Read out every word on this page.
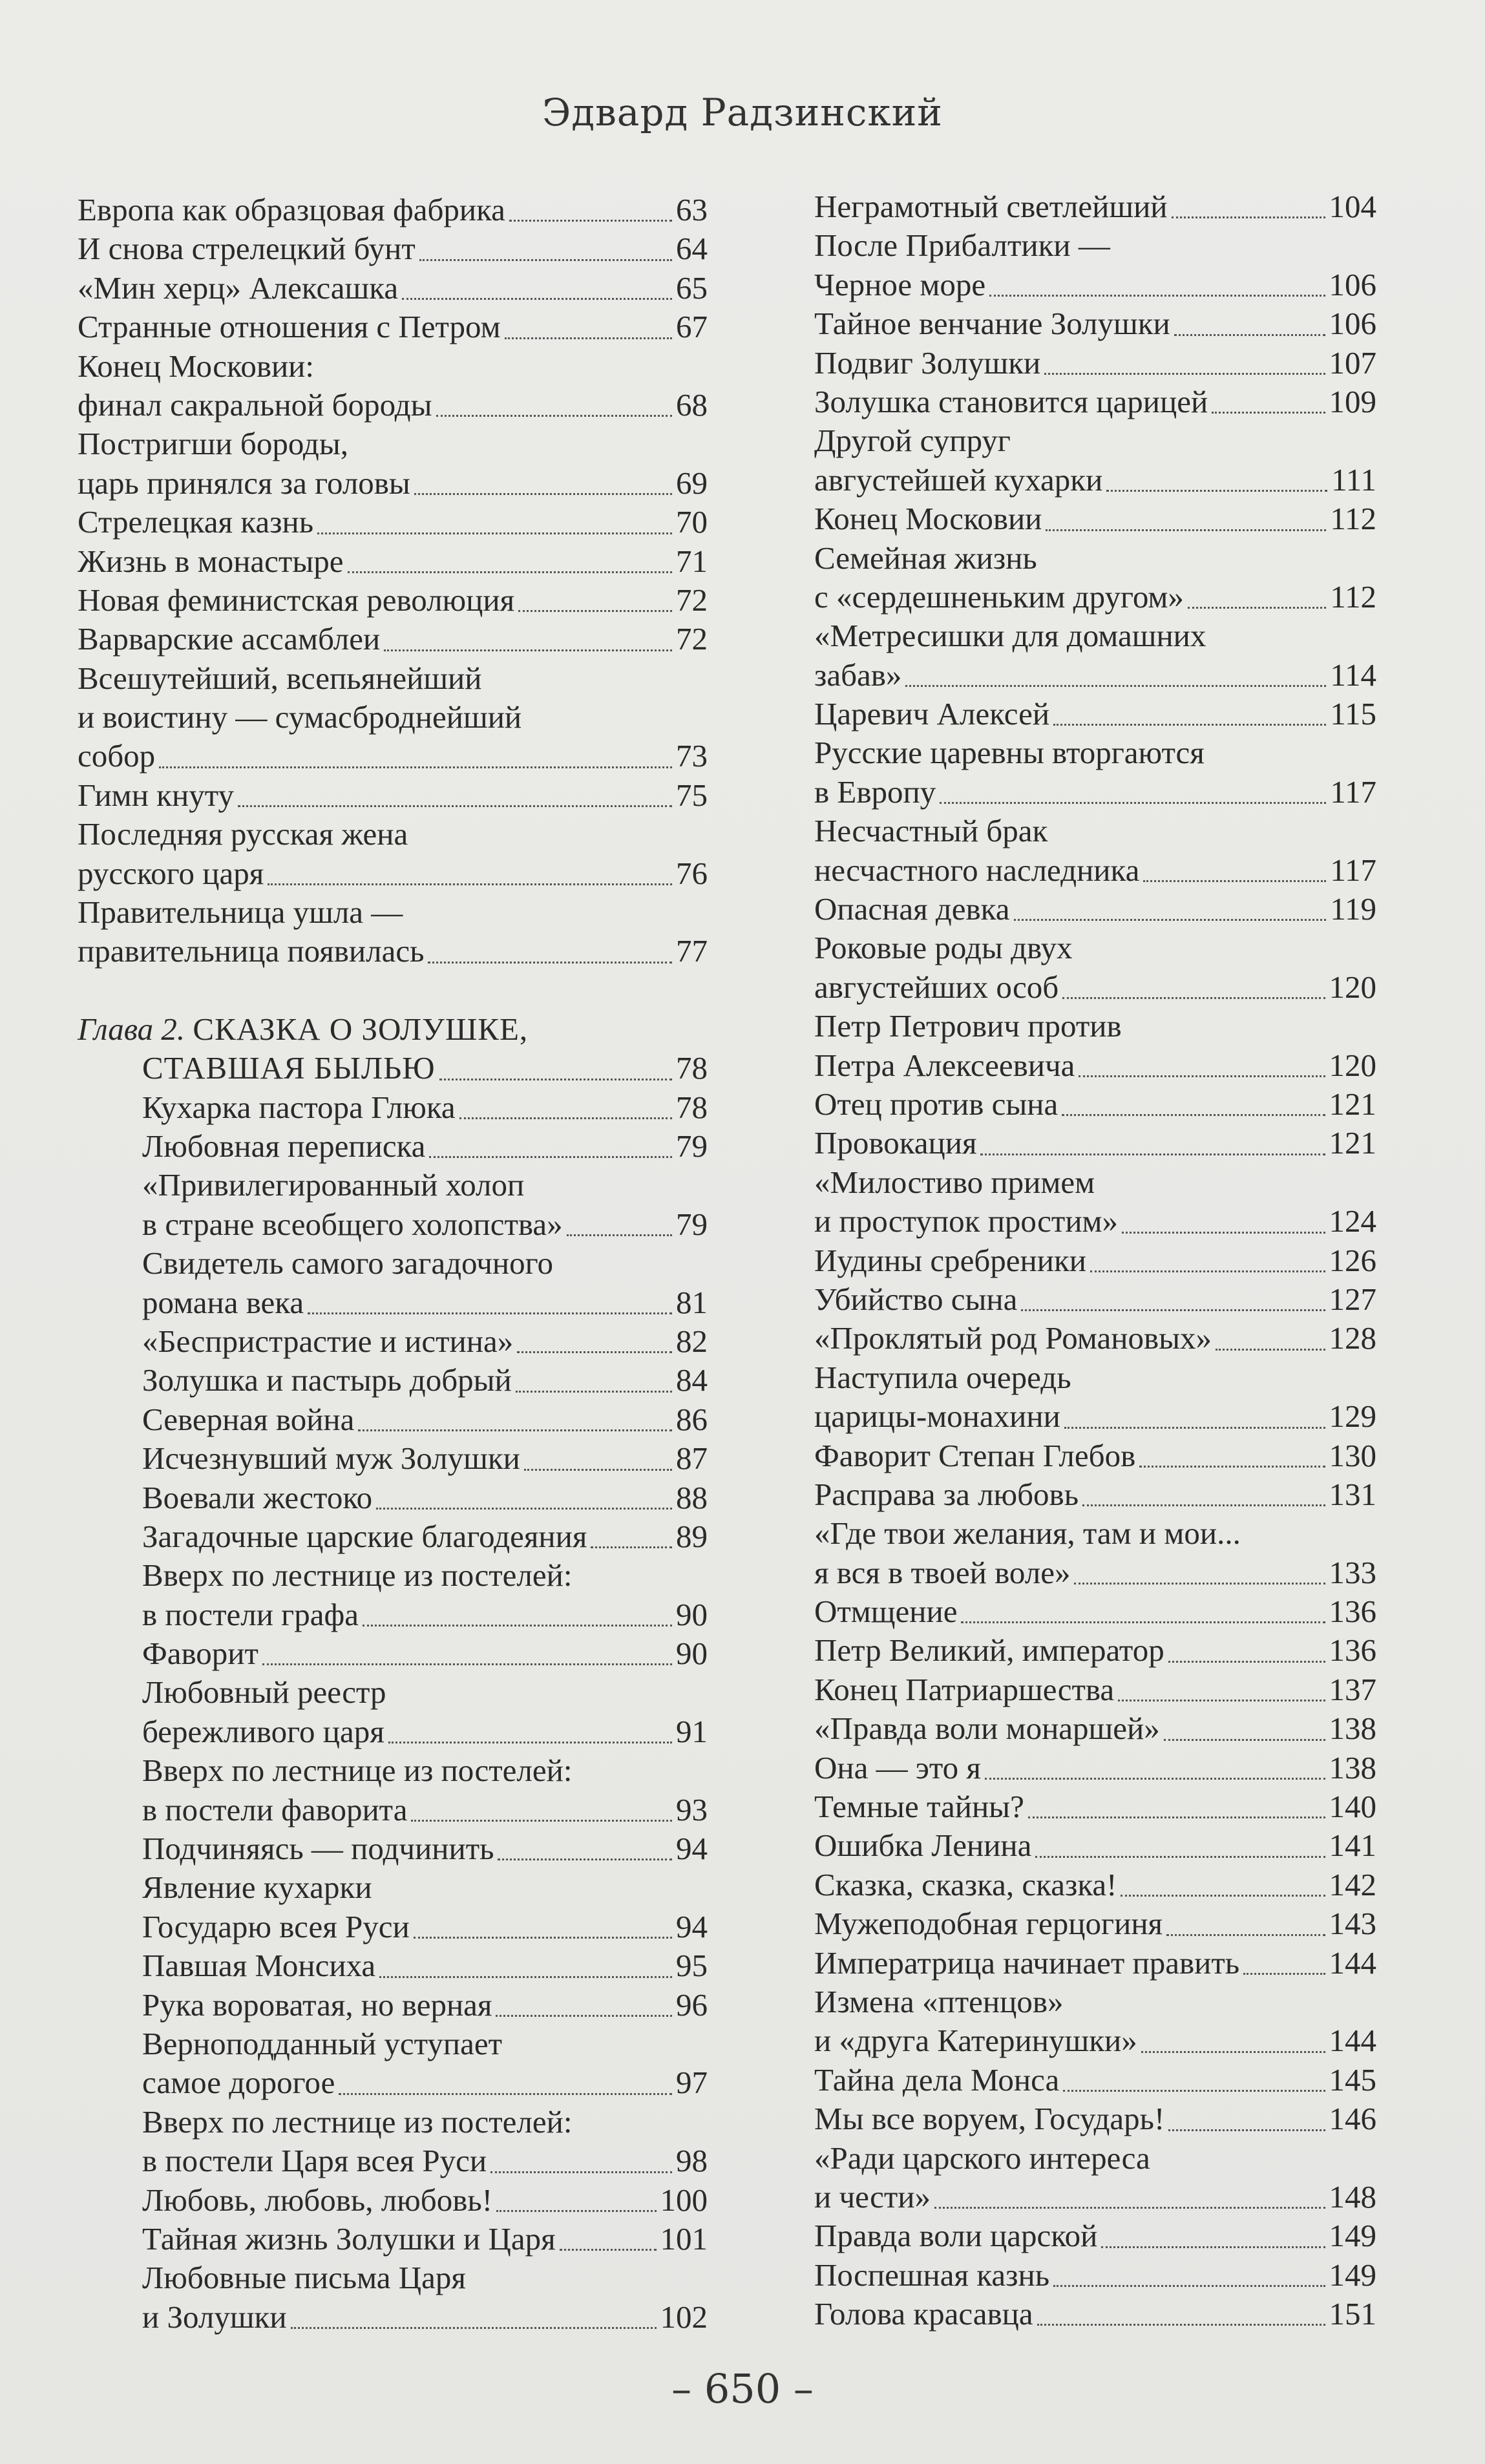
Эдвард Радзинский
Европа как образцовая фабрика	63
И снова стрелецкий бунт	64
«Мин херц» Алексашка	65
Странные отношения с Петром	67
Конец Московии:
финал сакральной бороды	68
Постригши бороды,
царь принялся за головы	69
Стрелецкая казнь	70
Жизнь в монастыре	71
Новая феминистская революция	72
Варварские ассамблеи	72
Всешутейший, всепьянейший
и воистину — сумасброднейший
собор	73
Гимн кнуту	75
Последняя русская жена
русского царя	76
Правительница ушла —
правительница появилась	77
Глава 2. СКАЗКА О ЗОЛУШКЕ,
СТАВШАЯ БЫЛЬЮ	78
Кухарка пастора Глюка	78
Любовная переписка	79
«Привилегированный холоп
в стране всеобщего холопства»	79
Свидетель самого загадочного
романа века	81
«Беспристрастие и истина»	82
Золушка и пастырь добрый	84
Северная война	86
Исчезнувший муж Золушки	87
Воевали жестоко	88
Загадочные царские благодеяния	89
Вверх по лестнице из постелей:
в постели графа	90
Фаворит	90
Любовный реестр
бережливого царя	91
Вверх по лестнице из постелей:
в постели фаворита	93
Подчиняясь — подчинить	94
Явление кухарки
Государю всея Руси	94
Павшая Монсиха	95
Рука вороватая, но верная	96
Верноподданный уступает
самое дорогое	97
Вверх по лестнице из постелей:
в постели Царя всея Руси	98
Любовь, любовь, любовь!	100
Тайная жизнь Золушки и Царя	101
Любовные письма Царя
и Золушки	102
Неграмотный светлейший	104
После Прибалтики —
Черное море	106
Тайное венчание Золушки	106
Подвиг Золушки	107
Золушка становится царицей	109
Другой супруг
августейшей кухарки	111
Конец Московии	112
Семейная жизнь
с «сердешненьким другом»	112
«Метресишки для домашних
забав»	114
Царевич Алексей	115
Русские царевны вторгаются
в Европу	117
Несчастный брак
несчастного наследника	117
Опасная девка	119
Роковые роды двух
августейших особ	120
Петр Петрович против
Петра Алексеевича	120
Отец против сына	121
Провокация	121
«Милостиво примем
и проступок простим»	124
Иудины сребреники	126
Убийство сына	127
«Проклятый род Романовых»	128
Наступила очередь
царицы-монахини	129
Фаворит Степан Глебов	130
Расправа за любовь	131
«Где твои желания, там и мои...
я вся в твоей воле»	133
Отмщение	136
Петр Великий, император	136
Конец Патриаршества	137
«Правда воли монаршей»	138
Она — это я	138
Темные тайны?	140
Ошибка Ленина	141
Сказка, сказка, сказка!	142
Мужеподобная герцогиня	143
Императрица начинает править	144
Измена «птенцов»
и «друга Катеринушки»	144
Тайна дела Монса	145
Мы все воруем, Государь!	146
«Ради царского интереса
и чести»	148
Правда воли царской	149
Поспешная казнь	149
Голова красавца	151
– 650 –
